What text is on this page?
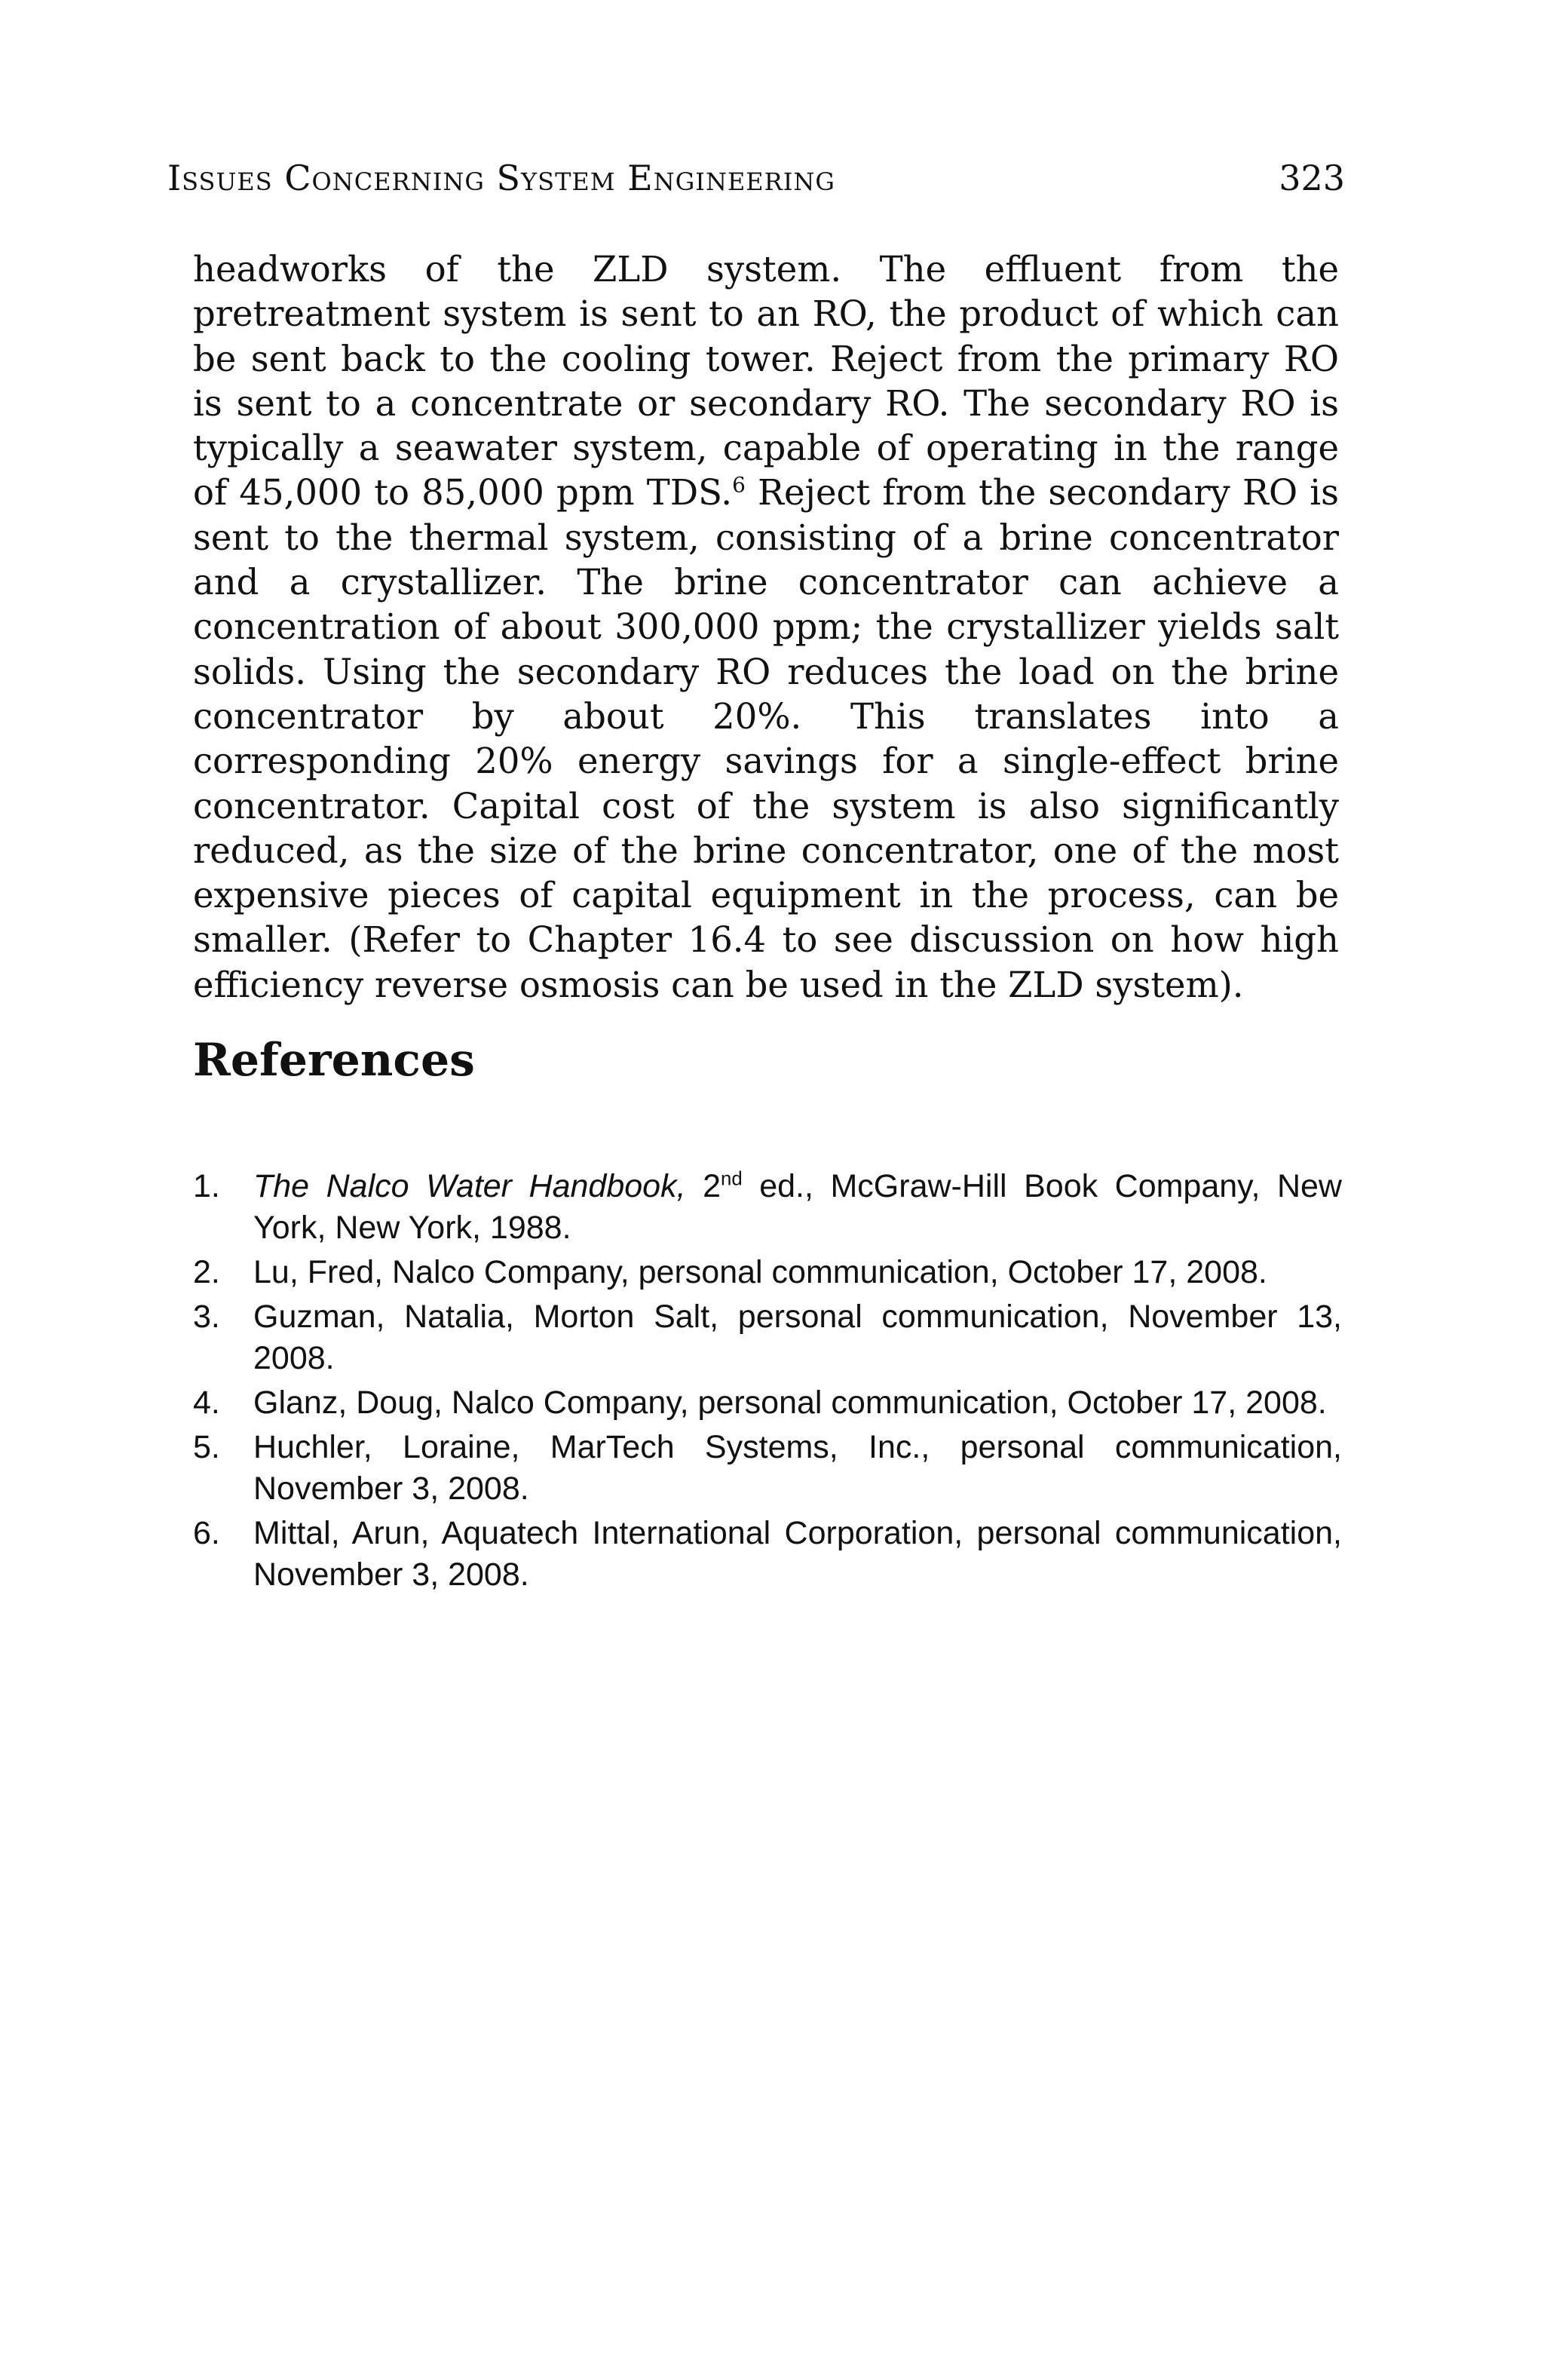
Issues Concerning System Engineering	323

headworks of the ZLD system. The effluent from the pretreatment system is sent to an RO, the product of which can be sent back to the cooling tower. Reject from the primary RO is sent to a concentrate or secondary RO. The secondary RO is typically a seawater system, capable of operating in the range of 45,000 to 85,000 ppm TDS.$^6$ Reject from the secondary RO is sent to the thermal system, consisting of a brine concentrator and a crystallizer. The brine concentrator can achieve a concentration of about 300,000 ppm; the crystallizer yields salt solids. Using the secondary RO reduces the load on the brine concentrator by about 20%. This translates into a corresponding 20% energy savings for a single-effect brine concentrator. Capital cost of the system is also significantly reduced, as the size of the brine concentrator, one of the most expensive pieces of capital equipment in the process, can be smaller. (Refer to Chapter 16.4 to see discussion on how high efficiency reverse osmosis can be used in the ZLD system).

References
1.	The Nalco Water Handbook, 2nd ed., McGraw-Hill Book Company, New York, New York, 1988.
2.	Lu, Fred, Nalco Company, personal communication, October 17, 2008.
3.	Guzman, Natalia, Morton Salt, personal communication, November 13, 2008.
4.	Glanz, Doug, Nalco Company, personal communication, October 17, 2008.
5.	Huchler, Loraine, MarTech Systems, Inc., personal communication, November 3, 2008.
6.	Mittal, Arun, Aquatech International Corporation, personal communication, November 3, 2008.
